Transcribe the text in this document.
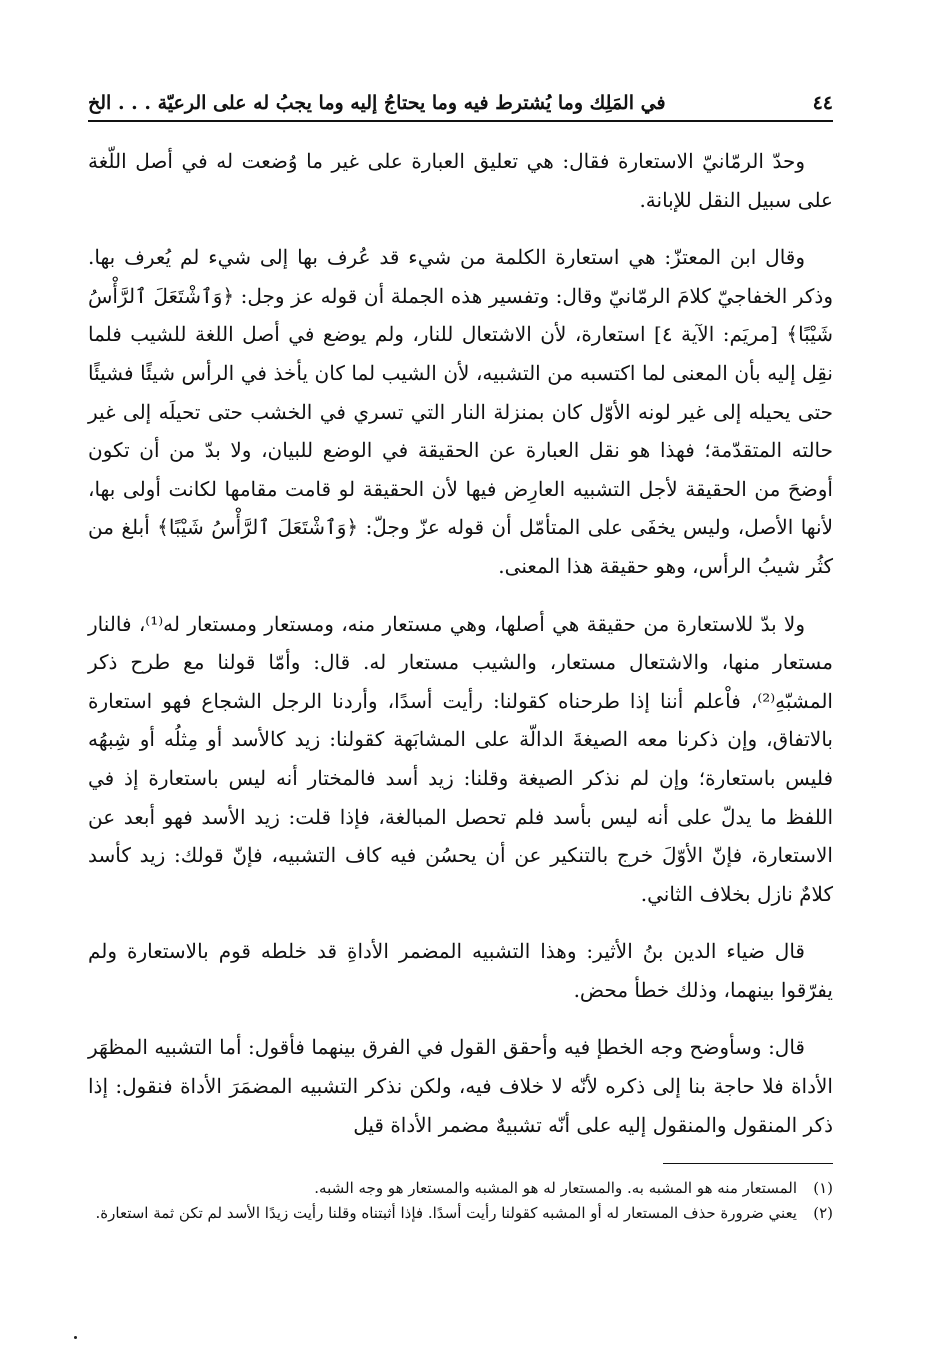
٤٤
في المَلِك وما يُشترط فيه وما يحتاجُ إليه وما يجبُ له على الرعيّة . . . الخ

وحدّ الرمّانيّ الاستعارة فقال: هي تعليق العبارة على غير ما وُضعت له في أصل اللّغة على سبيل النقل للإبانة.

وقال ابن المعتزّ: هي استعارة الكلمة من شيء قد عُرف بها إلى شيء لم يُعرف بها. وذكر الخفاجيّ كلامَ الرمّانيّ وقال: وتفسير هذه الجملة أن قوله عز وجل: ﴿وَٱشْتَعَلَ ٱلرَّأْسُ شَيْبًا﴾ [مريَم: الآية ٤] استعارة، لأن الاشتعال للنار، ولم يوضع في أصل اللغة للشيب فلما نقِل إليه بأن المعنى لما اكتسبه من التشبيه، لأن الشيب لما كان يأخذ في الرأس شيئًا فشيئًا حتى يحيله إلى غير لونه الأوّل كان بمنزلة النار التي تسري في الخشب حتى تحيلَه إلى غير حالته المتقدّمة؛ فهذا هو نقل العبارة عن الحقيقة في الوضع للبيان، ولا بدّ من أن تكون أوضحَ من الحقيقة لأجل التشبيه العارِض فيها لأن الحقيقة لو قامت مقامها لكانت أولى بها، لأنها الأصل، وليس يخفَى على المتأمّل أن قوله عزّ وجلّ: ﴿وَٱشْتَعَلَ ٱلرَّأْسُ شَيْبًا﴾ أبلغ من كثُر شيبُ الرأس، وهو حقيقة هذا المعنى.

ولا بدّ للاستعارة من حقيقة هي أصلها، وهي مستعار منه، ومستعار ومستعار له⁽¹⁾، فالنار مستعار منها، والاشتعال مستعار، والشيب مستعار له. قال: وأمّا قولنا مع طرح ذكر المشبّهِ⁽²⁾، فاْعلم أننا إذا طرحناه كقولنا: رأيت أسدًا، وأردنا الرجل الشجاع فهو استعارة بالاتفاق، وإن ذكرنا معه الصيغةَ الدالّة على المشابَهة كقولنا: زيد كالأسد أو مِثلُه أو شِبهُه فليس باستعارة؛ وإن لم نذكر الصيغة وقلنا: زيد أسد فالمختار أنه ليس باستعارة إذ في اللفظ ما يدلّ على أنه ليس بأسد فلم تحصل المبالغة، فإذا قلت: زيد الأسد فهو أبعد عن الاستعارة، فإنّ الأوّلَ خرج بالتنكير عن أن يحسُن فيه كاف التشبيه، فإنّ قولك: زيد كأسد كلامٌ نازل بخلاف الثاني.

قال ضياء الدين بنُ الأثير: وهذا التشبيه المضمر الأداةِ قد خلطه قوم بالاستعارة ولم يفرّقوا بينهما، وذلك خطأ محض.

قال: وسأوضح وجه الخطإ فيه وأحقق القول في الفرق بينهما فأقول: أما التشبيه المظهَر الأداة فلا حاجة بنا إلى ذكره لأنّه لا خلاف فيه، ولكن نذكر التشبيه المضمَرَ الأداة فنقول: إذا ذكر المنقول والمنقول إليه على أنّه تشبيهٌ مضمر الأداة قيل

(١)
المستعار منه هو المشبه به. والمستعار له هو المشبه والمستعار هو وجه الشبه.
(٢)
يعني ضرورة حذف المستعار له أو المشبه كقولنا رأيت أسدًا. فإذا أثبتناه وقلنا رأيت زيدًا الأسد لم تكن ثمة استعارة.
